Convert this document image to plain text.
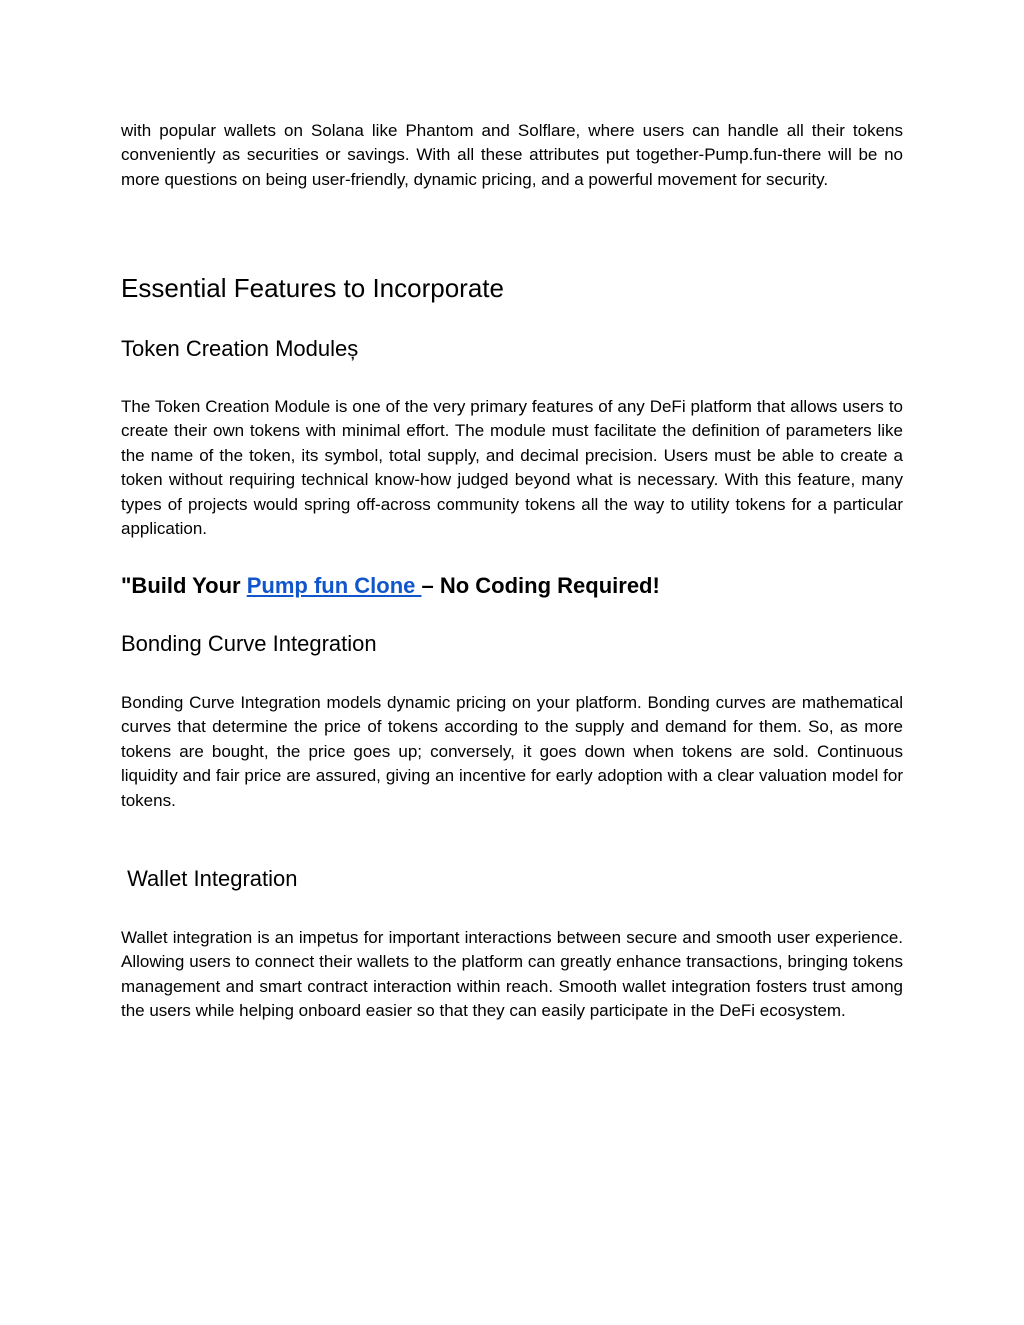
with popular wallets on Solana like Phantom and Solflare, where users can handle all their tokens conveniently as securities or savings. With all these attributes put together-Pump.fun-there will be no more questions on being user-friendly, dynamic pricing, and a powerful movement for security.

Essential Features to Incorporate
Token Creation Moduleș

The Token Creation Module is one of the very primary features of any DeFi platform that allows users to create their own tokens with minimal effort. The module must facilitate the definition of parameters like the name of the token, its symbol, total supply, and decimal precision. Users must be able to create a token without requiring technical know-how judged beyond what is necessary. With this feature, many types of projects would spring off-across community tokens all the way to utility tokens for a particular application.

"Build Your Pump fun Clone – No Coding Required!
Bonding Curve Integration

Bonding Curve Integration models dynamic pricing on your platform. Bonding curves are mathematical curves that determine the price of tokens according to the supply and demand for them. So, as more tokens are bought, the price goes up; conversely, it goes down when tokens are sold. Continuous liquidity and fair price are assured, giving an incentive for early adoption with a clear valuation model for tokens.

Wallet Integration

Wallet integration is an impetus for important interactions between secure and smooth user experience. Allowing users to connect their wallets to the platform can greatly enhance transactions, bringing tokens management and smart contract interaction within reach. Smooth wallet integration fosters trust among the users while helping onboard easier so that they can easily participate in the DeFi ecosystem.
